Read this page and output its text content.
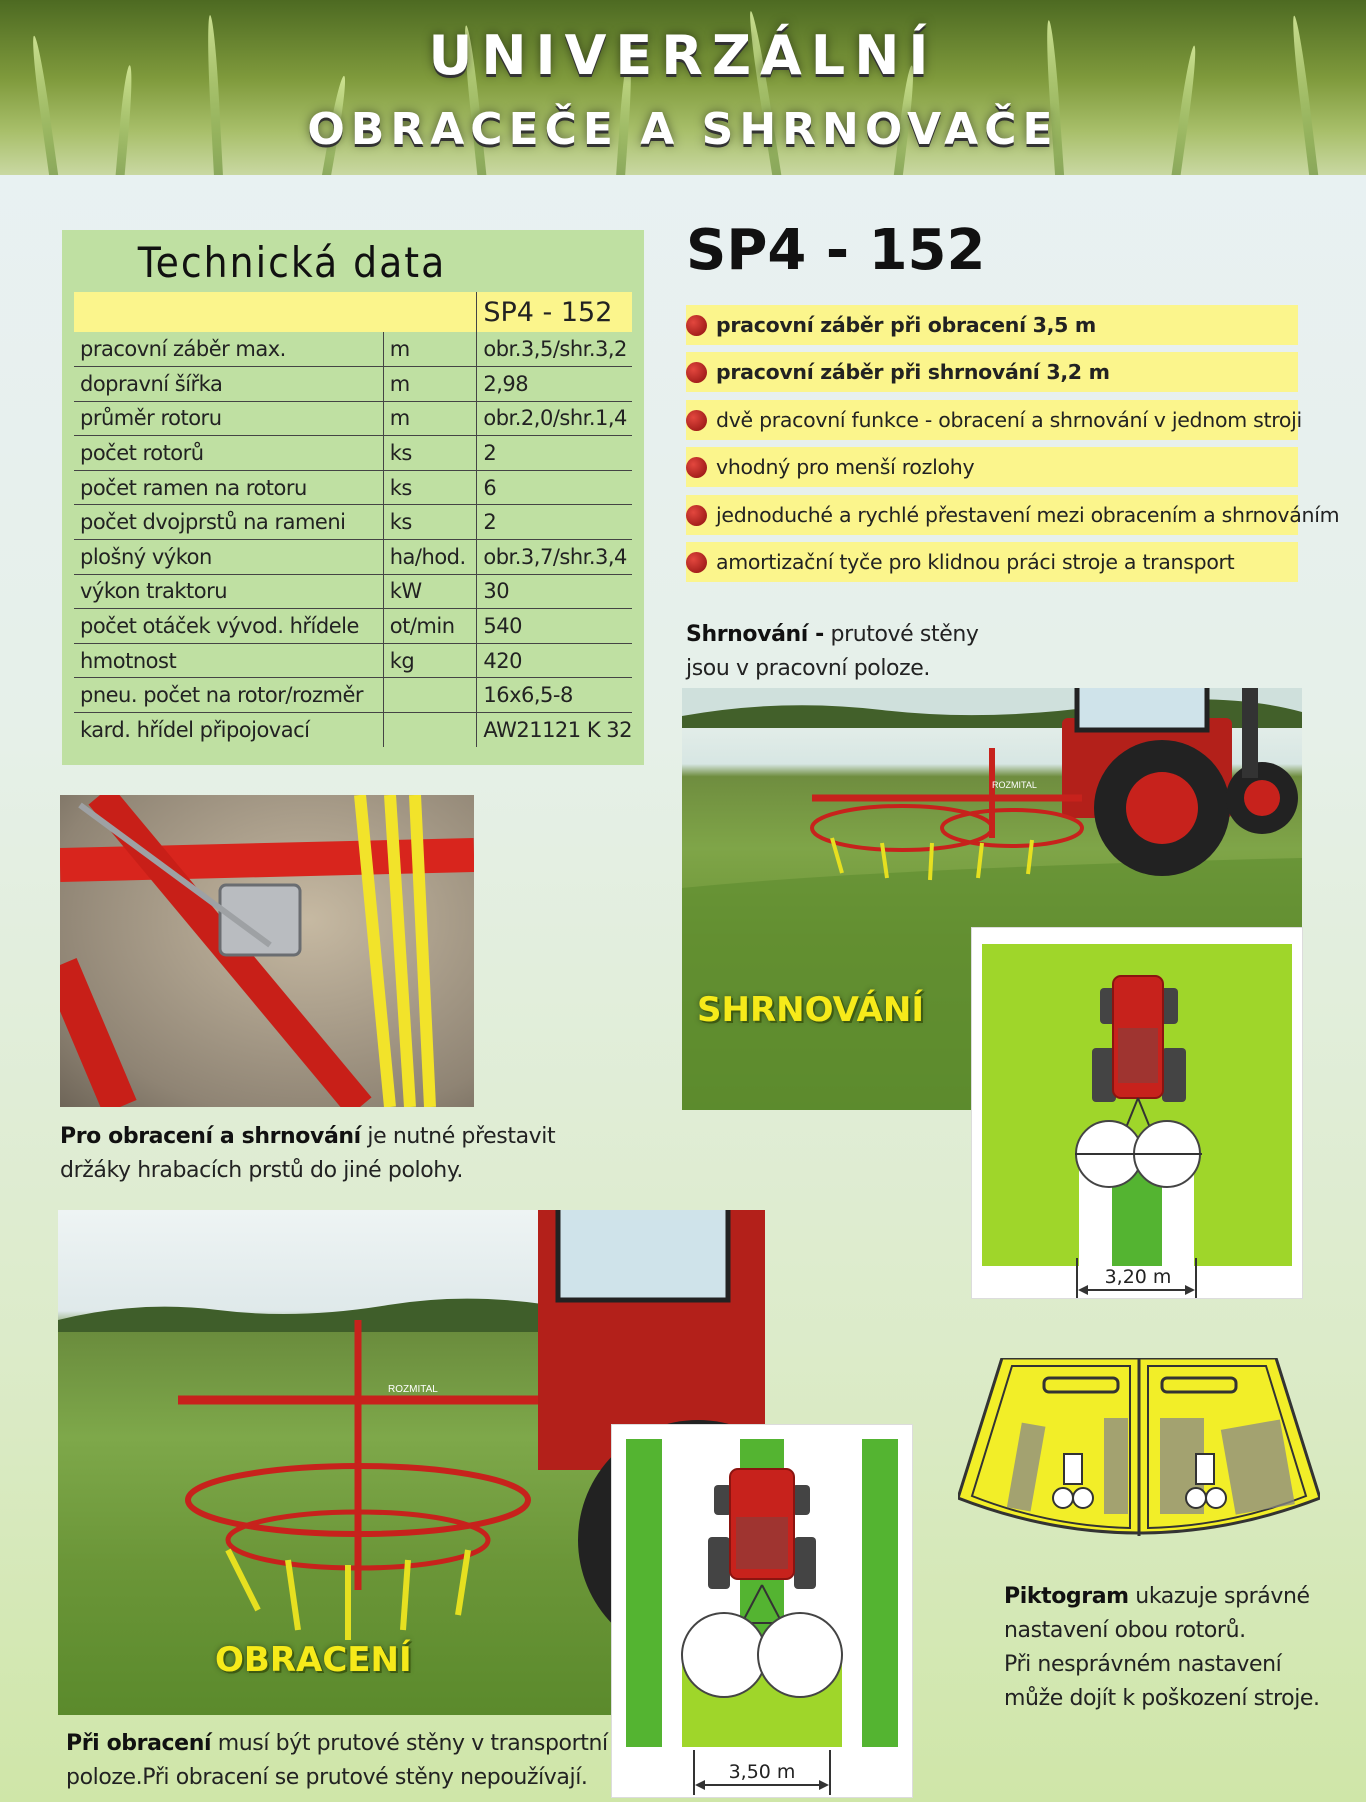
UNIVERZÁLNÍ
OBRACEČE A SHRNOVAČE
Technická data
		SP4 - 152
pracovní záběr max.	m	obr.3,5/shr.3,2
dopravní šířka	m	2,98
průměr rotoru	m	obr.2,0/shr.1,4
počet rotorů	ks	2
počet ramen na rotoru	ks	6
počet dvojprstů na rameni	ks	2
plošný výkon	ha/hod.	obr.3,7/shr.3,4
výkon traktoru	kW	30
počet otáček vývod. hřídele	ot/min	540
hmotnost	kg	420
pneu. počet na rotor/rozměr		16x6,5-8
kard. hřídel připojovací		AW21121 K 32
SP4 - 152
pracovní záběr při obracení 3,5 m
pracovní záběr při shrnování 3,2 m
dvě pracovní funkce - obracení a shrnování v jednom stroji
vhodný pro menší rozlohy
jednoduché a rychlé přestavení mezi obracením a shrnováním
amortizační tyče pro klidnou práci stroje a transport
Shrnování - prutové stěny
jsou v pracovní poloze.
ROZMITAL
SHRNOVÁNÍ
3,20 m
Pro obracení a shrnování je nutné přestavit
držáky hrabacích prstů do jiné polohy.
ROZMITAL
OBRACENÍ
3,50 m
Při obracení musí být prutové stěny v transportní
poloze.Při obracení se prutové stěny nepoužívají.
Piktogram ukazuje správné
nastavení obou rotorů.
Při nesprávném nastavení
může dojít k poškození stroje.
